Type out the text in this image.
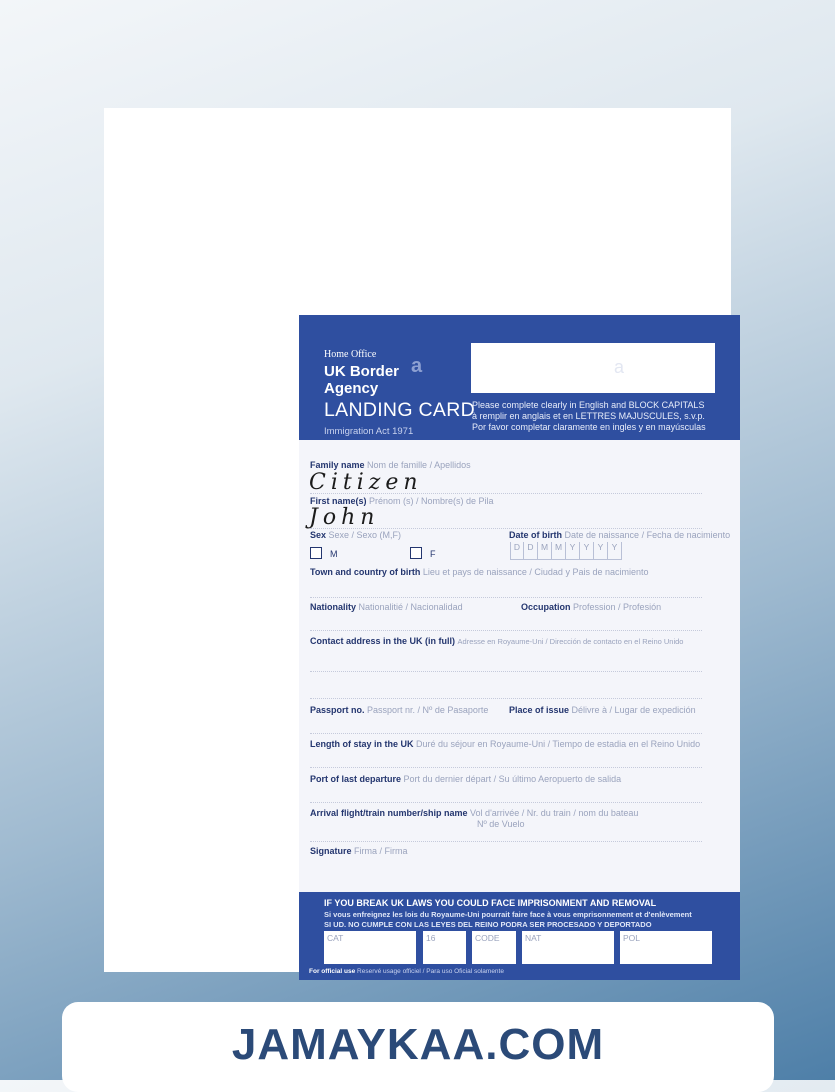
Home Office
UK Border Agency
a
LANDING CARD
Immigration Act 1971
a
Please complete clearly in English and BLOCK CAPITALS
à remplir en anglais et en LETTRES MAJUSCULES, s.v.p.
Por favor completar claramente en ingles y en mayúsculas
Family name Nom de famille / Apellidos
Citizen
First name(s) Prénom (s) / Nombre(s) de Pila
John
Sex Sexe / Sexo (M,F)
M	F
Date of birth Date de naissance / Fecha de nacimiento
D D M M Y Y Y Y
Town and country of birth Lieu et pays de naissance / Ciudad y Pais de nacimiento
Nationality Nationalitié / Nacionalidad	Occupation Profession / Profesión
Contact address in the UK (in full) Adresse en Royaume-Uni / Dirección de contacto en el Reino Unido
Passport no. Passport nr. / Nº de Pasaporte Place of issue Délivre à / Lugar de expedición
Length of stay in the UK Duré du séjour en Royaume-Uni / Tiempo de estadia en el Reino Unido
Port of last departure Port du dernier départ / Su último Aeropuerto de salida
Arrival flight/train number/ship name Vol d'arrivée / Nr. du train / nom du bateau
Nº de Vuelo
Signature Firma / Firma
IF YOU BREAK UK LAWS YOU COULD FACE IMPRISONMENT AND REMOVAL
Si vous enfreignez les lois du Royaume-Uni pourrait faire face à vous emprisonnement et d'enlèvement
SI UD. NO CUMPLE CON LAS LEYES DEL REINO PODRA SER PROCESADO Y DEPORTADO
CAT	16	CODE	NAT	POL
For official use Reservé usage officiel / Para uso Oficial solamente
JAMAYKAA.COM
